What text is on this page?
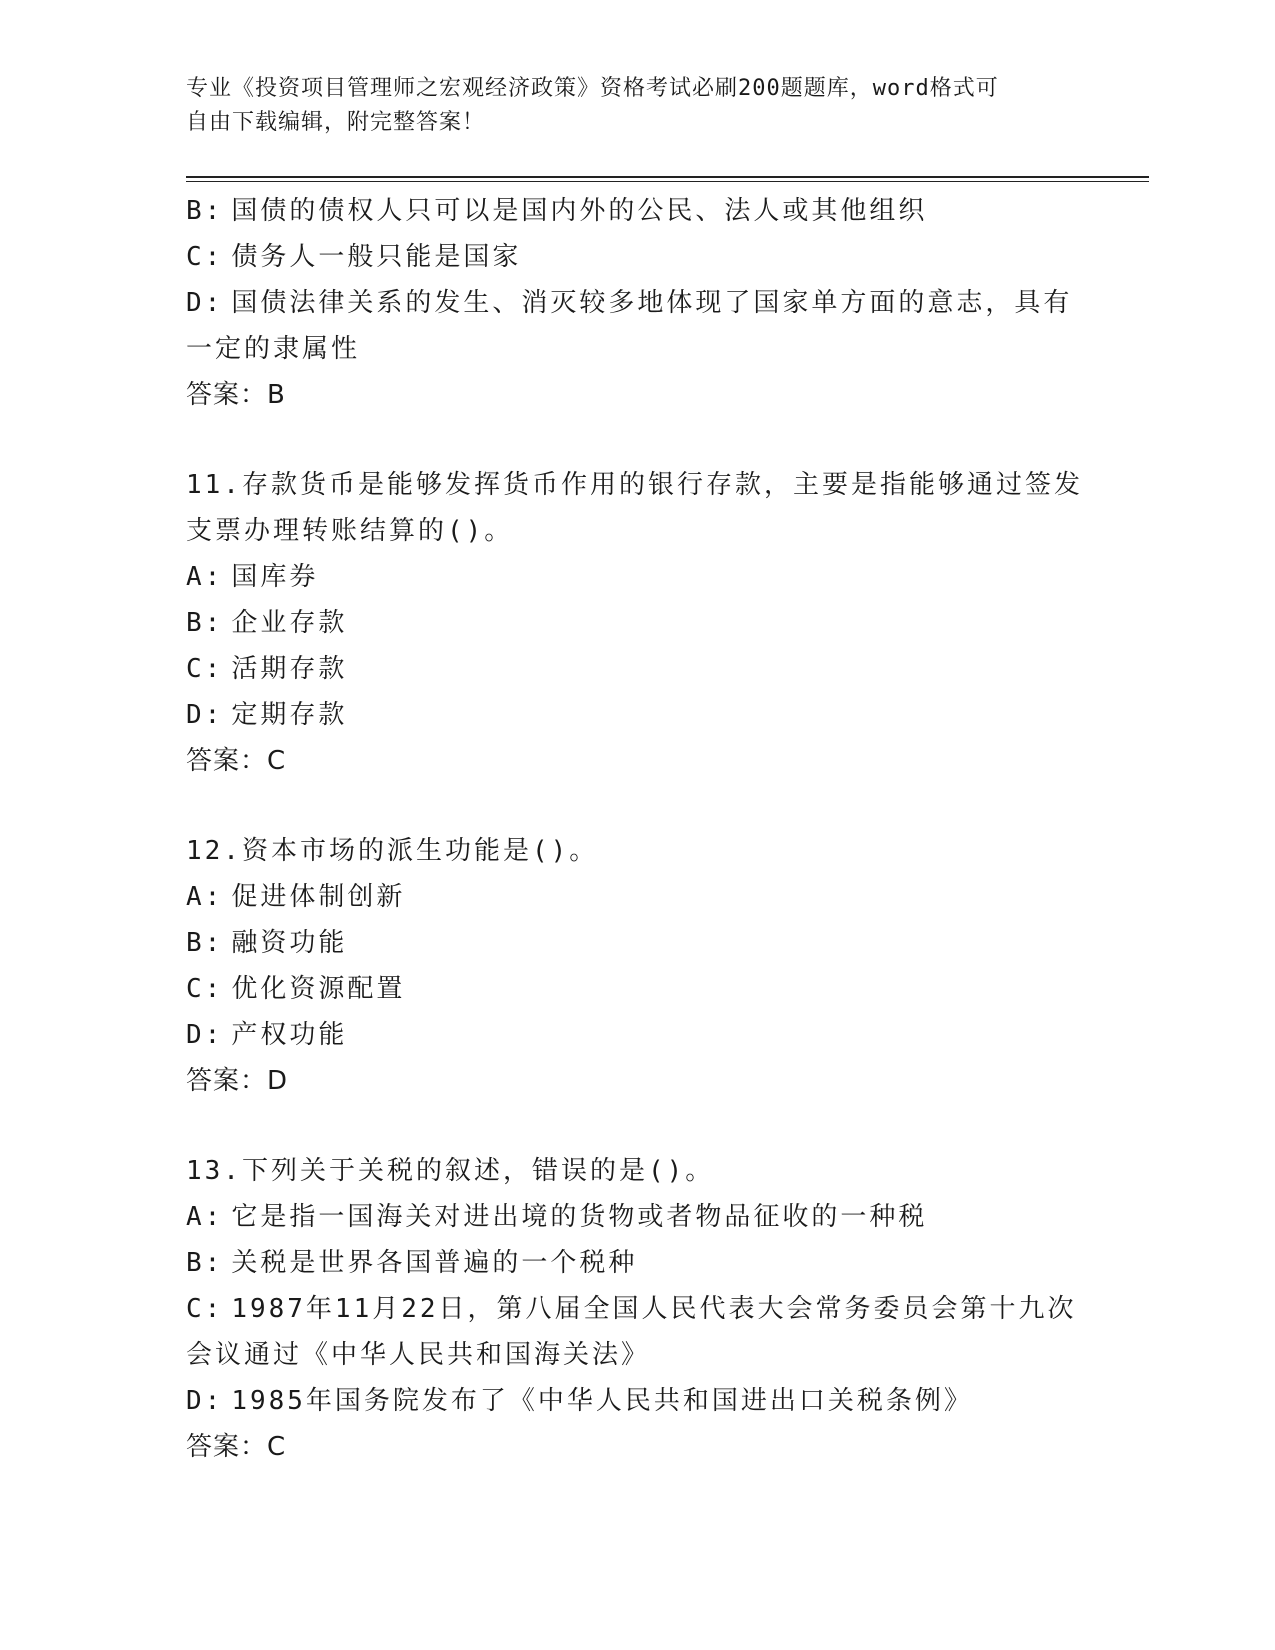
专业《投资项目管理师之宏观经济政策》资格考试必刷200题题库，word格式可
自由下载编辑，附完整答案！
B: 国债的债权人只可以是国内外的公民、法人或其他组织
C: 债务人一般只能是国家
D: 国债法律关系的发生、消灭较多地体现了国家单方面的意志，具有
一定的隶属性
答案：B
11.存款货币是能够发挥货币作用的银行存款，主要是指能够通过签发
支票办理转账结算的()。
A: 国库券
B: 企业存款
C: 活期存款
D: 定期存款
答案：C
12.资本市场的派生功能是()。
A: 促进体制创新
B: 融资功能
C: 优化资源配置
D: 产权功能
答案：D
13.下列关于关税的叙述，错误的是()。
A: 它是指一国海关对进出境的货物或者物品征收的一种税
B: 关税是世界各国普遍的一个税种
C: 1987年11月22日，第八届全国人民代表大会常务委员会第十九次
会议通过《中华人民共和国海关法》
D: 1985年国务院发布了《中华人民共和国进出口关税条例》
答案：C
